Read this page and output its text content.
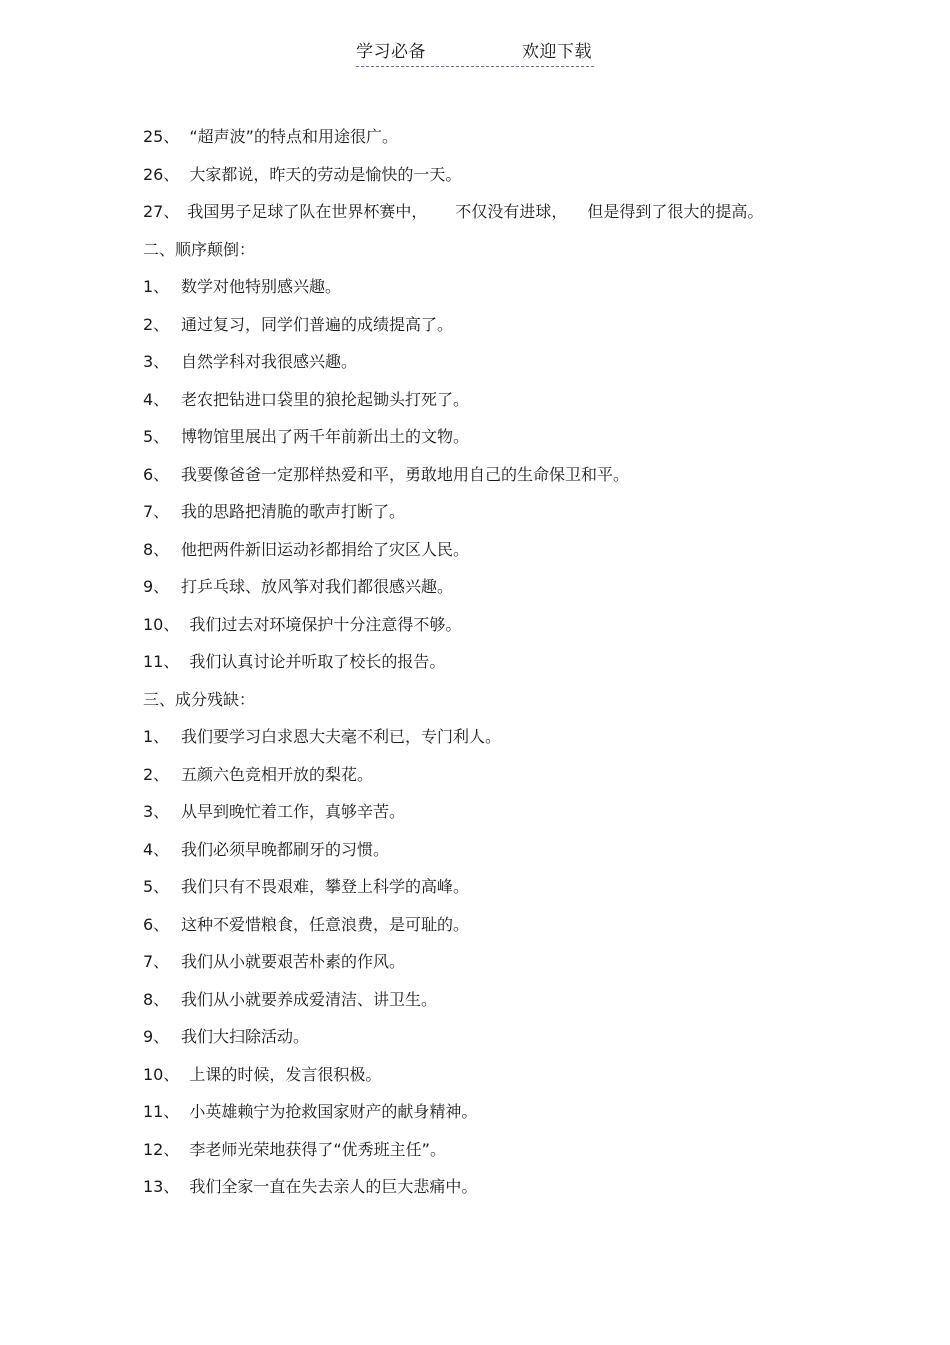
学习必备	欢迎下载
25、 “超声波”的特点和用途很广。
26、 大家都说，昨天的劳动是愉快的一天。
27、 我国男子足球了队在世界杯赛中， 不仅没有进球， 但是得到了很大的提高。
二、顺序颠倒：
1、 数学对他特别感兴趣。
2、 通过复习，同学们普遍的成绩提高了。
3、 自然学科对我很感兴趣。
4、 老农把钻进口袋里的狼抡起锄头打死了。
5、 博物馆里展出了两千年前新出土的文物。
6、 我要像爸爸一定那样热爱和平，勇敢地用自己的生命保卫和平。
7、 我的思路把清脆的歌声打断了。
8、 他把两件新旧运动衫都捐给了灾区人民。
9、 打乒乓球、放风筝对我们都很感兴趣。
10、 我们过去对环境保护十分注意得不够。
11、 我们认真讨论并听取了校长的报告。
三、成分残缺：
1、 我们要学习白求恩大夫毫不利已，专门利人。
2、 五颜六色竞相开放的梨花。
3、 从早到晚忙着工作，真够辛苦。
4、 我们必须早晚都刷牙的习惯。
5、 我们只有不畏艰难，攀登上科学的高峰。
6、 这种不爱惜粮食，任意浪费，是可耻的。
7、 我们从小就要艰苦朴素的作风。
8、 我们从小就要养成爱清洁、讲卫生。
9、 我们大扫除活动。
10、 上课的时候，发言很积极。
11、 小英雄赖宁为抢救国家财产的献身精神。
12、 李老师光荣地获得了“优秀班主任”。
13、 我们全家一直在失去亲人的巨大悲痛中。
